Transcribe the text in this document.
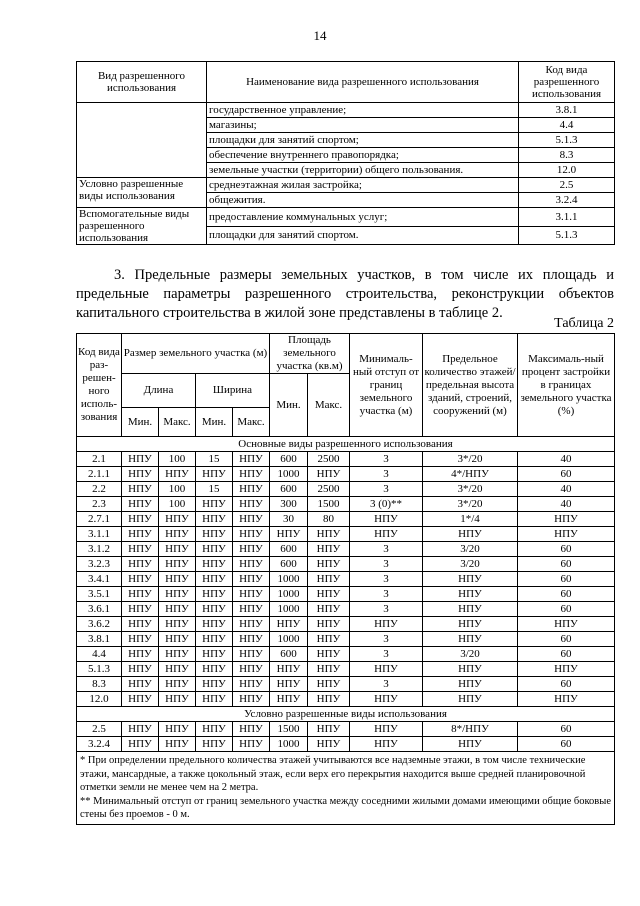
14
Вид разрешенного использования	Наименование вида разрешенного использования	Код вида разрешенного использования
	государственное управление;	3.8.1
	магазины;	4.4
	площадки для занятий спортом;	5.1.3
	обеспечение внутреннего правопорядка;	8.3
	земельные участки (территории) общего пользования.	12.0
Условно разрешенные виды использования	среднеэтажная жилая застройка;	2.5
	общежития.	3.2.4
Вспомогательные виды разрешенного использования	предоставление коммунальных услуг;	3.1.1
	площадки для занятий спортом.	5.1.3
3. Предельные размеры земельных участков, в том числе их площадь и предельные параметры разрешенного строительства, реконструкции объектов капитального строительства в жилой зоне представлены в таблице 2.
Таблица 2
Код вида раз-решен-ного исполь-зования	Размер земельного участка (м)				Площадь земельного участка (кв.м)		Минималь-ный отступ от границ земельного участка (м)	Предельное количество этажей/ предельная высота зданий, строений, сооружений (м)	Максималь-ный процент застройки в границах земельного участка (%)
	Длина		Ширина		Мин.	Макс.			
	Мин.	Макс.	Мин.	Макс.					
Основные виды разрешенного использования									
2.1	НПУ	100	15	НПУ	600	2500	3	3*/20	40
2.1.1	НПУ	НПУ	НПУ	НПУ	1000	НПУ	3	4*/НПУ	60
2.2	НПУ	100	15	НПУ	600	2500	3	3*/20	40
2.3	НПУ	100	НПУ	НПУ	300	1500	3 (0)**	3*/20	40
2.7.1	НПУ	НПУ	НПУ	НПУ	30	80	НПУ	1*/4	НПУ
3.1.1	НПУ	НПУ	НПУ	НПУ	НПУ	НПУ	НПУ	НПУ	НПУ
3.1.2	НПУ	НПУ	НПУ	НПУ	600	НПУ	3	3/20	60
3.2.3	НПУ	НПУ	НПУ	НПУ	600	НПУ	3	3/20	60
3.4.1	НПУ	НПУ	НПУ	НПУ	1000	НПУ	3	НПУ	60
3.5.1	НПУ	НПУ	НПУ	НПУ	1000	НПУ	3	НПУ	60
3.6.1	НПУ	НПУ	НПУ	НПУ	1000	НПУ	3	НПУ	60
3.6.2	НПУ	НПУ	НПУ	НПУ	НПУ	НПУ	НПУ	НПУ	НПУ
3.8.1	НПУ	НПУ	НПУ	НПУ	1000	НПУ	3	НПУ	60
4.4	НПУ	НПУ	НПУ	НПУ	600	НПУ	3	3/20	60
5.1.3	НПУ	НПУ	НПУ	НПУ	НПУ	НПУ	НПУ	НПУ	НПУ
8.3	НПУ	НПУ	НПУ	НПУ	НПУ	НПУ	3	НПУ	60
12.0	НПУ	НПУ	НПУ	НПУ	НПУ	НПУ	НПУ	НПУ	НПУ
Условно разрешенные виды использования									
2.5	НПУ	НПУ	НПУ	НПУ	1500	НПУ	НПУ	8*/НПУ	60
3.2.4	НПУ	НПУ	НПУ	НПУ	1000	НПУ	НПУ	НПУ	60

* При определении предельного количества этажей учитываются все надземные этажи, в том числе технические этажи, мансардные, а также цокольный этаж, если верх его перекрытия находится выше средней планировочной отметки земли не менее чем на 2 метра.
** Минимальный отступ от границ земельного участка между соседними жилыми домами имеющими общие боковые стены без проемов - 0 м.									
